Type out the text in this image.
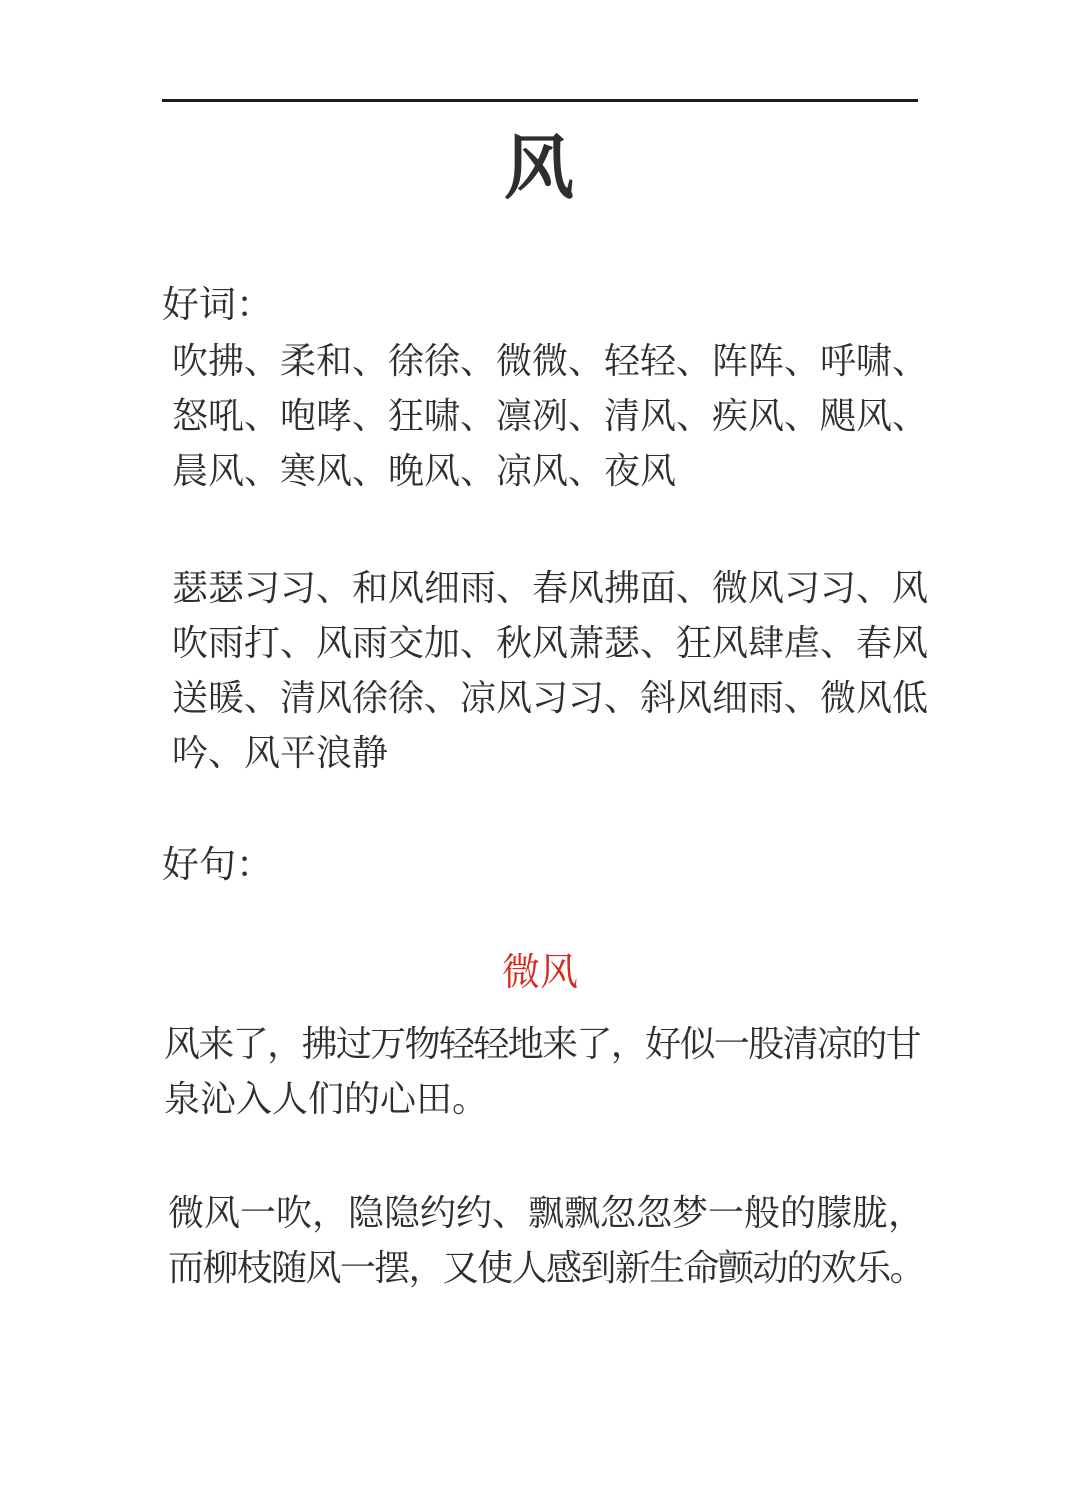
风
好词：
吹拂、柔和、徐徐、微微、轻轻、阵阵、呼啸、
怒吼、咆哮、狂啸、凛冽、清风、疾风、飓风、
晨风、寒风、晚风、凉风、夜风
瑟瑟习习、和风细雨、春风拂面、微风习习、风
吹雨打、风雨交加、秋风萧瑟、狂风肆虐、春风
送暖、清风徐徐、凉风习习、斜风细雨、微风低
吟、风平浪静
好句：
微风
风来了，拂过万物轻轻地来了，好似一股清凉的甘
泉沁入人们的心田。
微风一吹，隐隐约约、飘飘忽忽梦一般的朦胧，
而柳枝随风一摆，又使人感到新生命颤动的欢乐。
